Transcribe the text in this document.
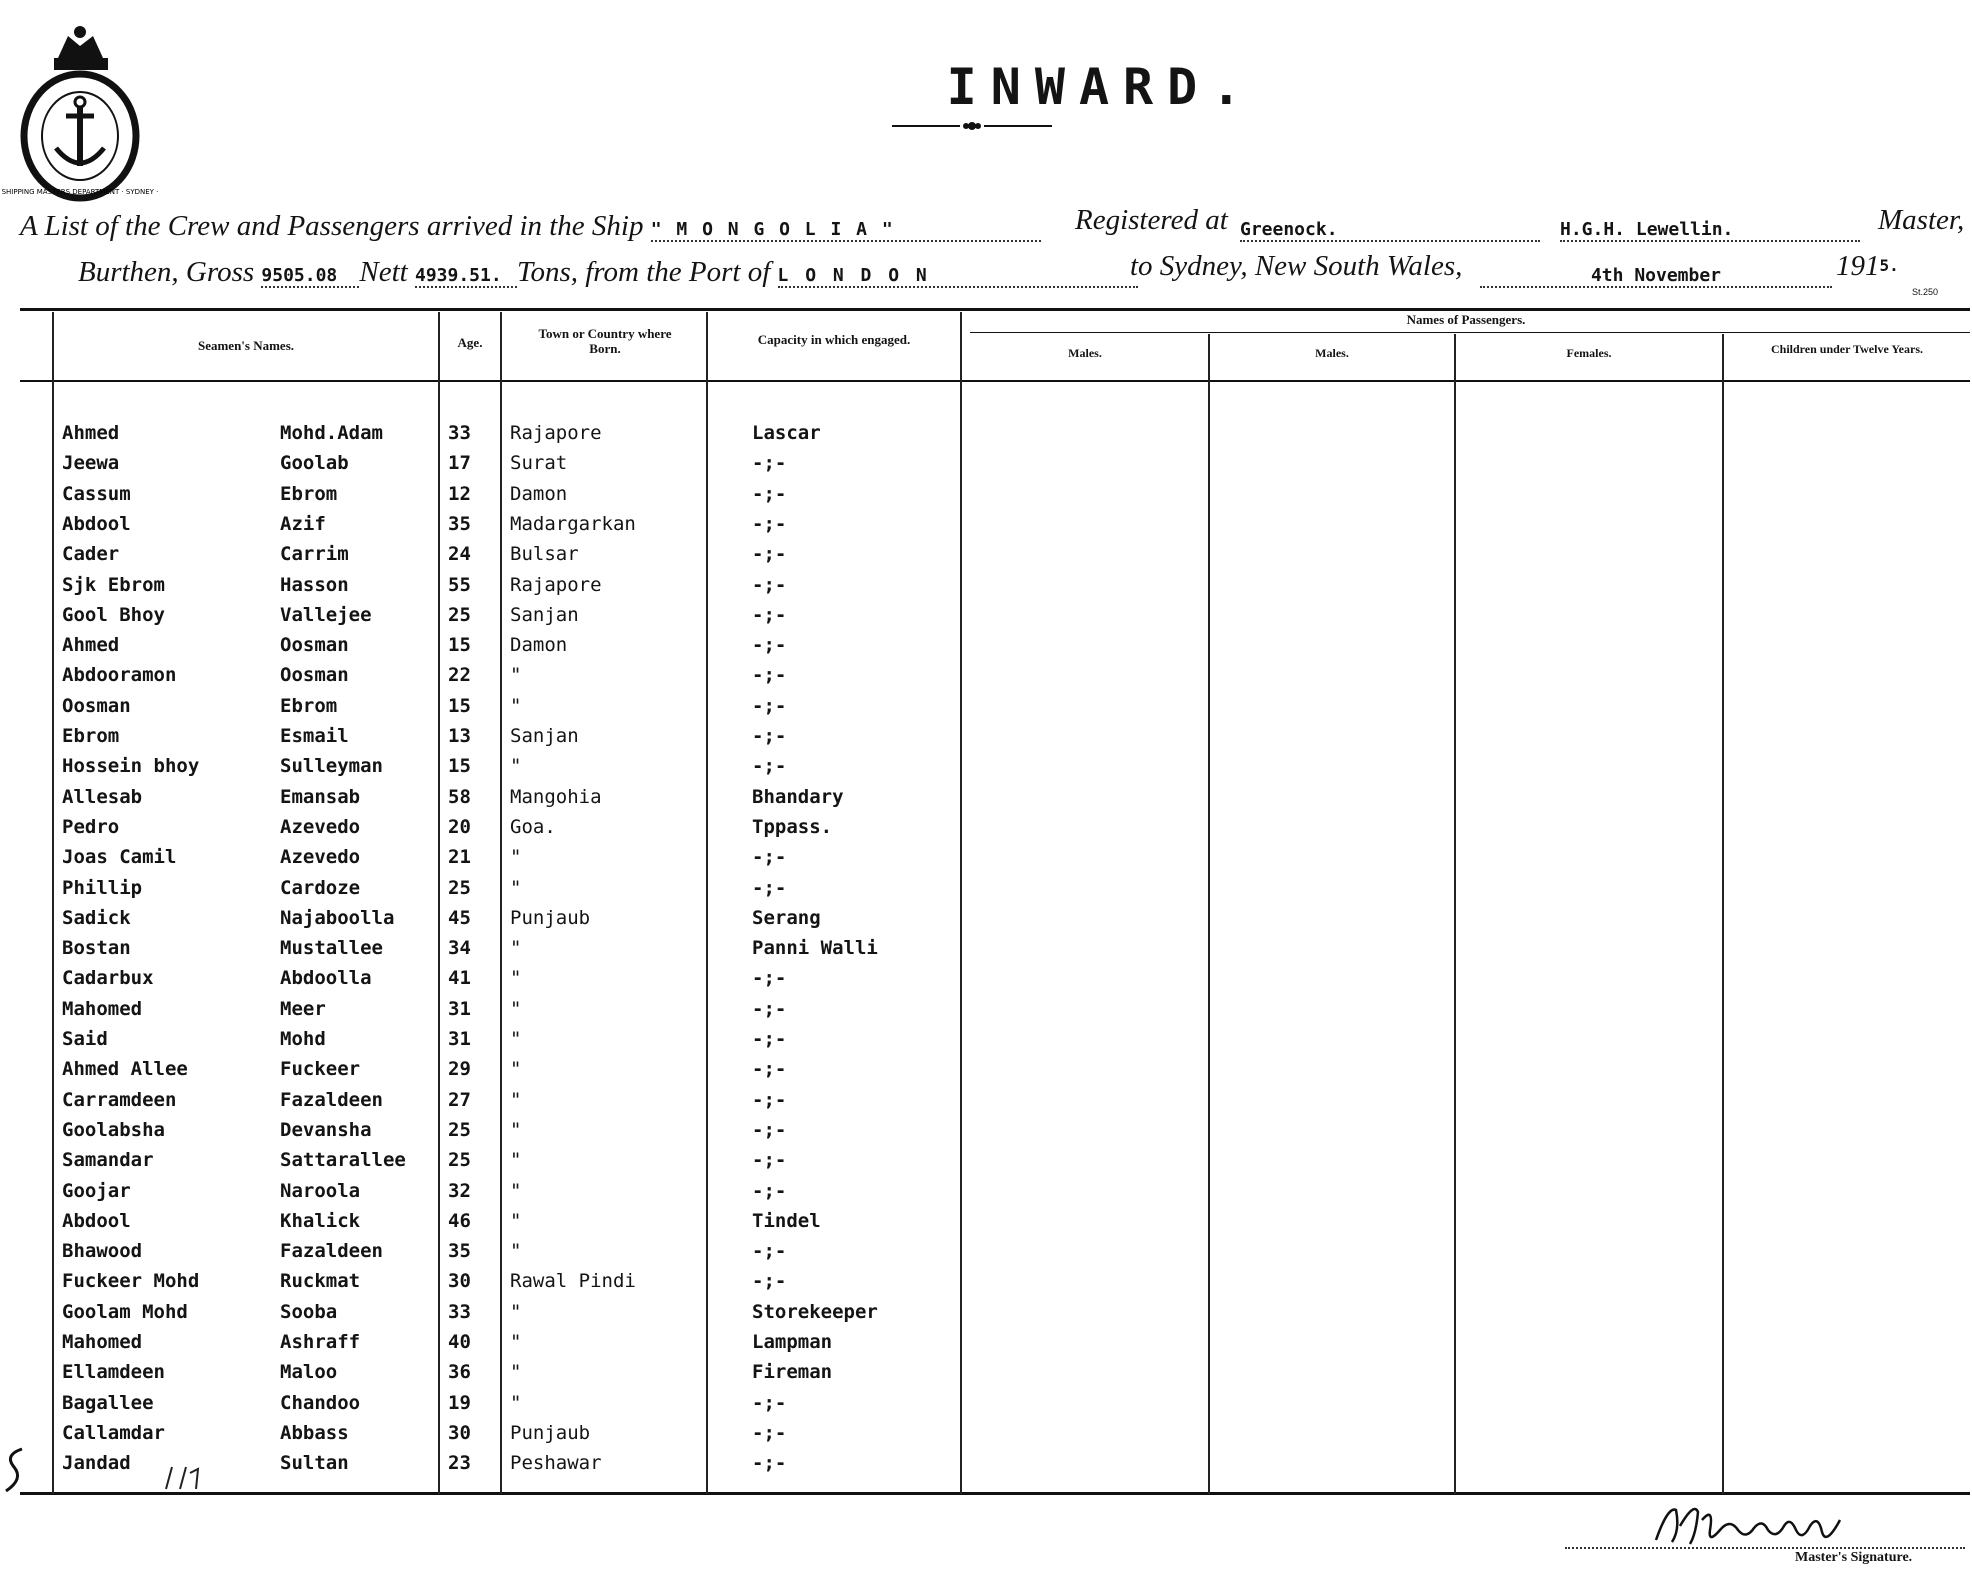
SHIPPING MASTERS DEPARTMENT · SYDNEY ·
INWARD.
A List of the Crew and Passengers arrived in the Ship " M O N G O L I A "	Registered at Greenock.	H.G.H. Lewellin.	Master,
Burthen, Gross 9505.08 Nett 4939.51. Tons, from the Port of L O N D O N	to Sydney, New South Wales,	4th November	1915.
St.250
Seamen's Names.	Age.
Town or Country where Born.
Capacity in which engaged.
Names of Passengers.
Males.	Males.	Females.	Children under Twelve Years.
Ahmed	Mohd.Adam	33 Rajapore	Lascar
Jeewa	Goolab	17 Surat	-;-
Cassum	Ebrom	12 Damon	-;-
Abdool	Azif	35 Madargarkan	-;-
Cader	Carrim	24 Bulsar	-;-
Sjk Ebrom	Hasson	55 Rajapore	-;-
Gool Bhoy	Vallejee	25 Sanjan	-;-
Ahmed	Oosman	15 Damon	-;-
Abdooramon	Oosman	22 "	-;-
Oosman	Ebrom	15 "	-;-
Ebrom	Esmail	13 Sanjan	-;-
Hossein bhoy	Sulleyman	15 "	-;-
Allesab	Emansab	58 Mangohia	Bhandary
Pedro	Azevedo	20 Goa.	Tppass.
Joas Camil	Azevedo	21 "	-;-
Phillip	Cardoze	25 "	-;-
Sadick	Najaboolla	45 Punjaub	Serang
Bostan	Mustallee	34 "	Panni Walli
Cadarbux	Abdoolla	41 "	-;-
Mahomed	Meer	31 "	-;-
Said	Mohd	31 "	-;-
Ahmed Allee	Fuckeer	29 "	-;-
Carramdeen	Fazaldeen	27 "	-;-
Goolabsha	Devansha	25 "	-;-
Samandar	Sattarallee 25 "	-;-
Goojar	Naroola	32 "	-;-
Abdool	Khalick	46 "	Tindel
Bhawood	Fazaldeen	35 "	-;-
Fuckeer Mohd	Ruckmat	30 Rawal Pindi	-;-
Goolam Mohd	Sooba	33 "	Storekeeper
Mahomed	Ashraff	40 "	Lampman
Ellamdeen	Maloo	36 "	Fireman
Bagallee	Chandoo	19 "	-;-
Callamdar	Abbass	30 Punjaub	-;-
Jandad	Sultan	23 Peshawar	-;-
Master's Signature.
